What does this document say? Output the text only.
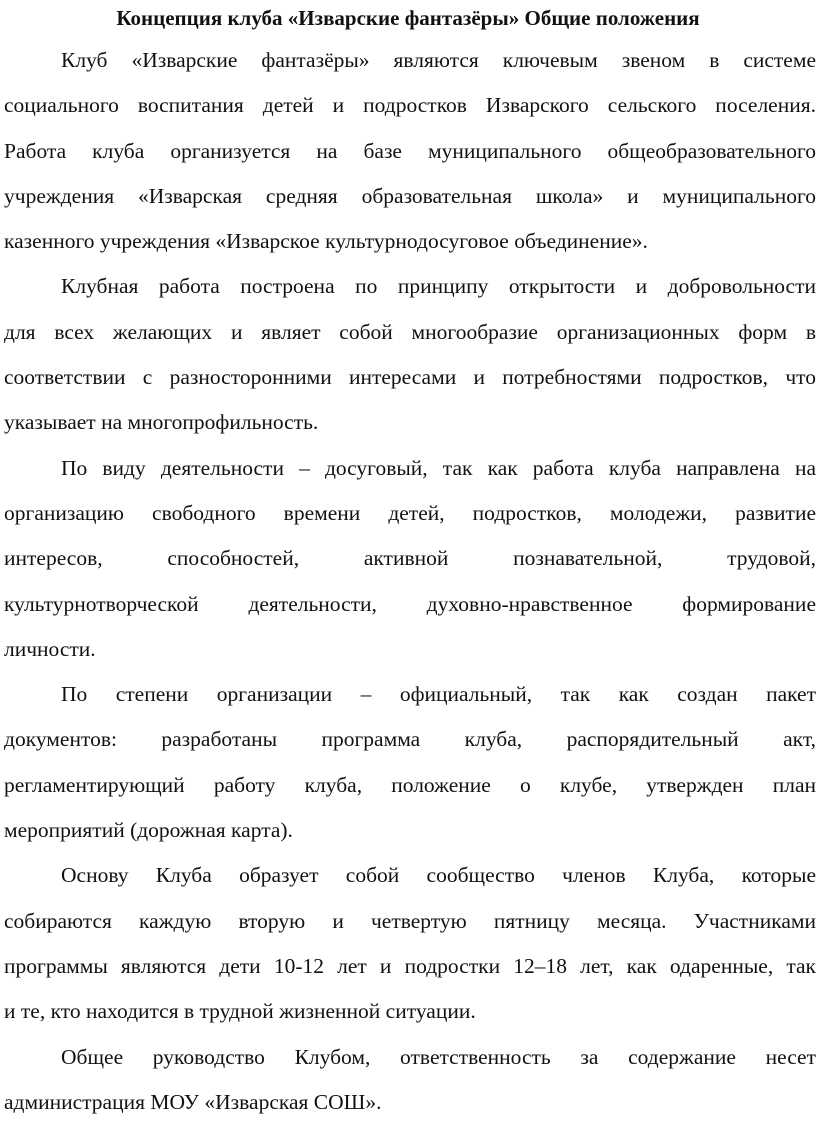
Концепция клуба «Изварские фантазёры» Общие положения
Клуб «Изварские фантазёры» являются ключевым звеном в системе
социального воспитания детей и подростков Изварского сельского поселения.
Работа клуба организуется на базе муниципального общеобразовательного
учреждения «Изварская средняя образовательная школа» и муниципального
казенного учреждения «Изварское культурнодосуговое объединение».
Клубная работа построена по принципу открытости и добровольности
для всех желающих и являет собой многообразие организационных форм в
соответствии с разносторонними интересами и потребностями подростков, что
указывает на многопрофильность.
По виду деятельности – досуговый, так как работа клуба направлена на
организацию свободного времени детей, подростков, молодежи, развитие
интересов, способностей, активной познавательной, трудовой,
культурнотворческой деятельности, духовно-нравственное формирование
личности.
По степени организации – официальный, так как создан пакет
документов: разработаны программа клуба, распорядительный акт,
регламентирующий работу клуба, положение о клубе, утвержден план
мероприятий (дорожная карта).
Основу Клуба образует собой сообщество членов Клуба, которые
собираются каждую вторую и четвертую пятницу месяца. Участниками
программы являются дети 10-12 лет и подростки 12–18 лет, как одаренные, так
и те, кто находится в трудной жизненной ситуации.
Общее руководство Клубом, ответственность за содержание несет
администрация МОУ «Изварская СОШ».
